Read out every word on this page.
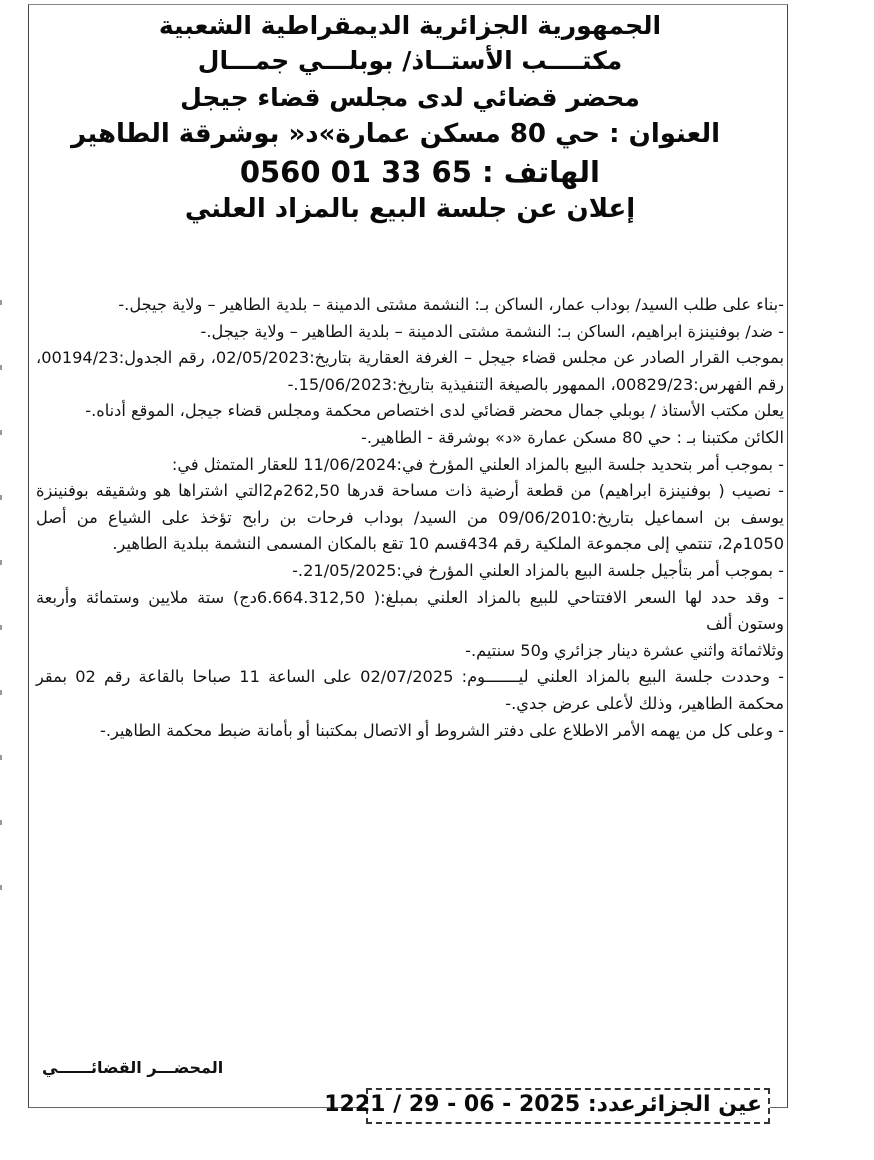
الجمهورية الجزائرية الديمقراطية الشعبية
مكتــــب الأستــاذ/ بوبلـــي جمـــال
محضر قضائي لدى مجلس قضاء جيجل
العنوان : حي 80 مسكن عمارة»د« بوشرقة الطاهير
الهاتف : 0560 01 33 65
إعلان عن جلسة البيع بالمزاد العلني

-بناء على طلب السيد/ بوداب عمار، الساكن بـ: النشمة مشتى الدمينة – بلدية الطاهير – ولاية جيجل.-

- ضد/ بوفنينزة ابراهيم، الساكن بـ: النشمة مشتى الدمينة – بلدية الطاهير – ولاية جيجل.-

بموجب القرار الصادر عن مجلس قضاء جيجل – الغرفة العقارية بتاريخ:02/05/2023، رقم الجدول:00194/23، رقم الفهرس:00829/23، الممهور بالصيغة التنفيذية بتاريخ:15/06/2023.-

يعلن مكتب الأستاذ / بوبلي جمال محضر قضائي لدى اختصاص محكمة ومجلس قضاء جيجل، الموقع أدناه.-

الكائن مكتبنا بـ : حي 80 مسكن عمارة «د» بوشرقة - الطاهير.-

- بموجب أمر بتحديد جلسة البيع بالمزاد العلني المؤرخ في:11/06/2024 للعقار المتمثل في:

- نصيب ( بوفنينزة ابراهيم) من قطعة أرضية ذات مساحة قدرها 262,50م2التي اشتراها هو وشقيقه بوفنينزة يوسف بن اسماعيل بتاريخ:09/06/2010 من السيد/ بوداب فرحات بن رابح تؤخذ على الشياع من أصل 1050م2، تنتمي إلى مجموعة الملكية رقم 434قسم 10 تقع بالمكان المسمى النشمة ببلدية الطاهير.

- بموجب أمر بتأجيل جلسة البيع بالمزاد العلني المؤرخ في:21/05/2025.-

- وقد حدد لها السعر الافتتاحي للبيع بالمزاد العلني بمبلغ:( 6.664.312,50دج) ستة ملايين وستمائة وأربعة وستون ألف

وثلاثمائة واثني عشرة دينار جزائري و50 سنتيم.-

- وحددت جلسة البيع بالمزاد العلني ليـــــــوم: 02/07/2025 على الساعة 11 صباحا بالقاعة رقم 02 بمقر محكمة الطاهير، وذلك لأعلى عرض جدي.-

- وعلى كل من يهمه الأمر الاطلاع على دفتر الشروط أو الاتصال بمكتبنا أو بأمانة ضبط محكمة الطاهير.-

المحضـــر القضائــــــي
عين الجزائرعدد: 1221 / 29 - 06 - 2025
